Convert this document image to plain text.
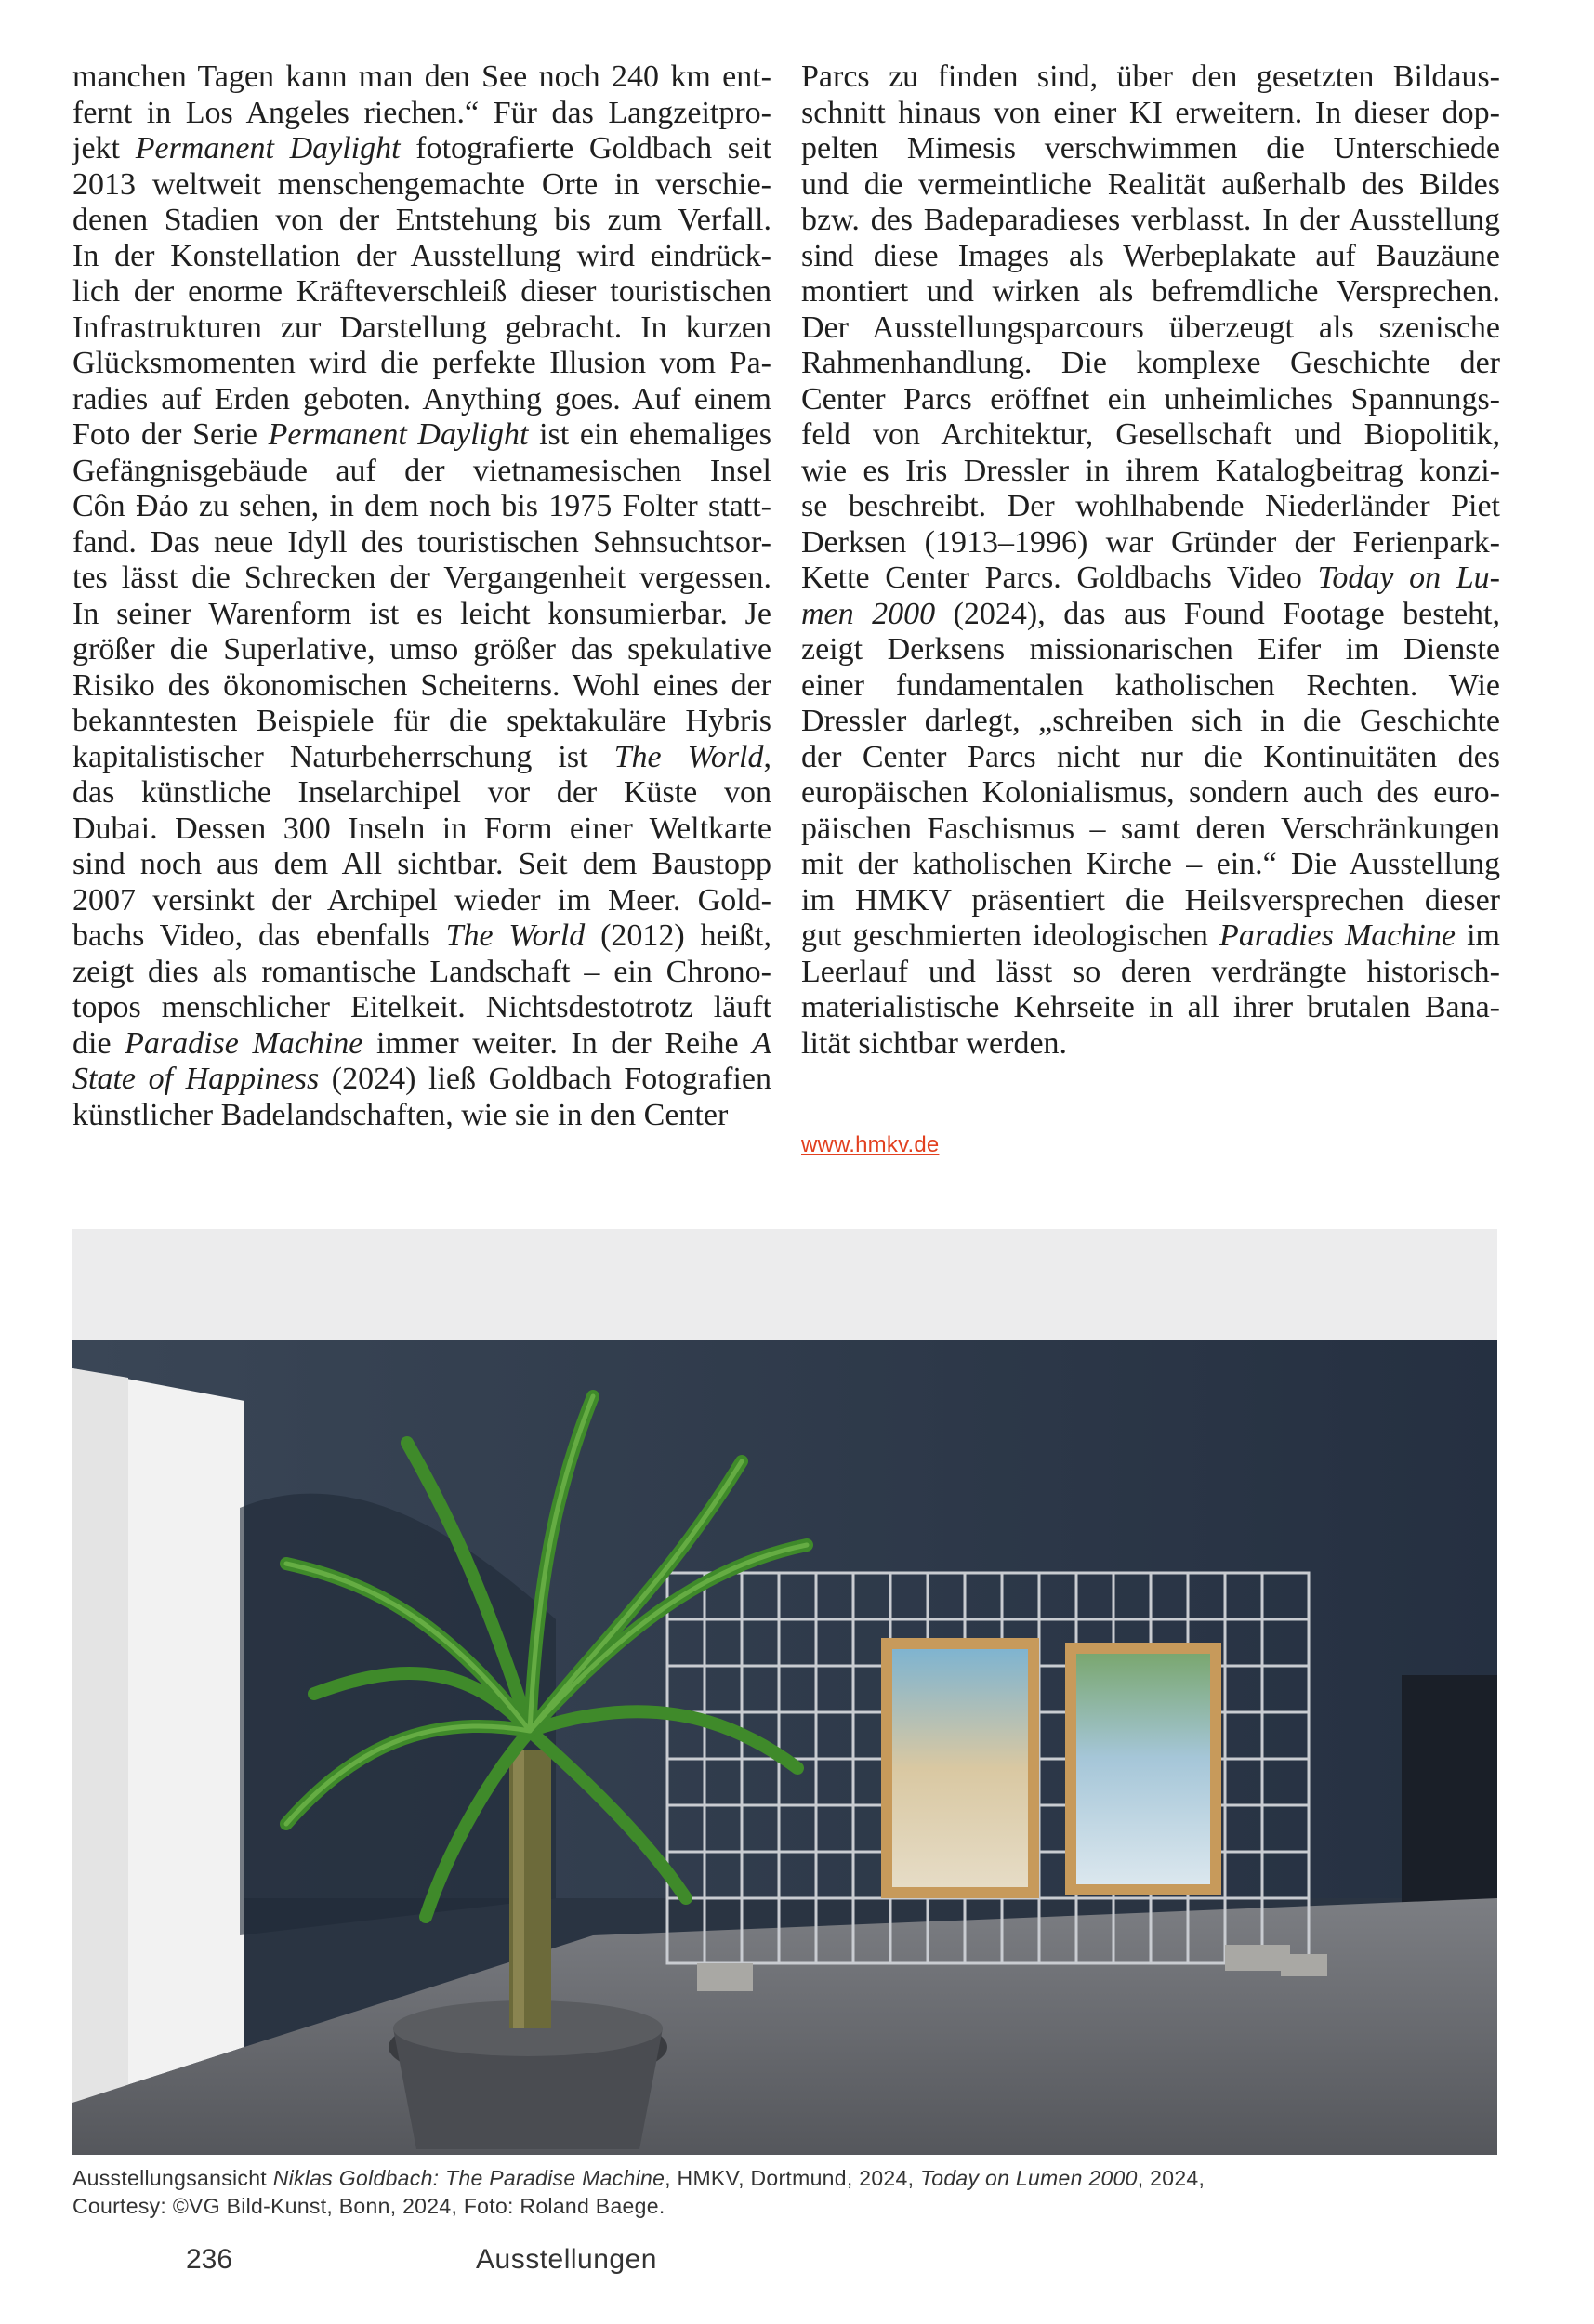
manchen Tagen kann man den See noch 240 km ent-
fernt in Los Angeles riechen.“ Für das Langzeitpro-
jekt Permanent Daylight fotografierte Goldbach seit
2013 weltweit menschengemachte Orte in verschie-
denen Stadien von der Entstehung bis zum Verfall.
In der Konstellation der Ausstellung wird eindrück-
lich der enorme Kräfteverschleiß dieser touristischen
Infrastrukturen zur Darstellung gebracht. In kurzen
Glücksmomenten wird die perfekte Illusion vom Pa-
radies auf Erden geboten. Anything goes. Auf einem
Foto der Serie Permanent Daylight ist ein ehemaliges
Gefängnisgebäude auf der vietnamesischen Insel
Côn Đảo zu sehen, in dem noch bis 1975 Folter statt-
fand. Das neue Idyll des touristischen Sehnsuchtsor-
tes lässt die Schrecken der Vergangenheit vergessen.
In seiner Warenform ist es leicht konsumierbar. Je
größer die Superlative, umso größer das spekulative
Risiko des ökonomischen Scheiterns. Wohl eines der
bekanntesten Beispiele für die spektakuläre Hybris
kapitalistischer Naturbeherrschung ist The World,
das künstliche Inselarchipel vor der Küste von
Dubai. Dessen 300 Inseln in Form einer Weltkarte
sind noch aus dem All sichtbar. Seit dem Baustopp
2007 versinkt der Archipel wieder im Meer. Gold-
bachs Video, das ebenfalls The World (2012) heißt,
zeigt dies als romantische Landschaft – ein Chrono-
topos menschlicher Eitelkeit. Nichtsdestotrotz läuft
die Paradise Machine immer weiter. In der Reihe A
State of Happiness (2024) ließ Goldbach Fotografien
künstlicher Badelandschaften, wie sie in den Center
Parcs zu finden sind, über den gesetzten Bildaus-
schnitt hinaus von einer KI erweitern. In dieser dop-
pelten Mimesis verschwimmen die Unterschiede
und die vermeintliche Realität außerhalb des Bildes
bzw. des Badeparadieses verblasst. In der Ausstellung
sind diese Images als Werbeplakate auf Bauzäune
montiert und wirken als befremdliche Versprechen.
Der Ausstellungsparcours überzeugt als szenische
Rahmenhandlung. Die komplexe Geschichte der
Center Parcs eröffnet ein unheimliches Spannungs-
feld von Architektur, Gesellschaft und Biopolitik,
wie es Iris Dressler in ihrem Katalogbeitrag konzi-
se beschreibt. Der wohlhabende Niederländer Piet
Derksen (1913–1996) war Gründer der Ferienpark-
Kette Center Parcs. Goldbachs Video Today on Lu-
men 2000 (2024), das aus Found Footage besteht,
zeigt Derksens missionarischen Eifer im Dienste
einer fundamentalen katholischen Rechten. Wie
Dressler darlegt, „schreiben sich in die Geschichte
der Center Parcs nicht nur die Kontinuitäten des
europäischen Kolonialismus, sondern auch des euro-
päischen Faschismus – samt deren Verschränkungen
mit der katholischen Kirche – ein.“ Die Ausstellung
im HMKV präsentiert die Heilsversprechen dieser
gut geschmierten ideologischen Paradies Machine im
Leerlauf und lässt so deren verdrängte historisch-
materialistische Kehrseite in all ihrer brutalen Bana-
lität sichtbar werden.
www.hmkv.de
Ausstellungsansicht Niklas Goldbach: The Paradise Machine, HMKV, Dortmund, 2024, Today on Lumen 2000, 2024,
Courtesy: ©VG Bild-Kunst, Bonn, 2024, Foto: Roland Baege.
236	Ausstellungen
